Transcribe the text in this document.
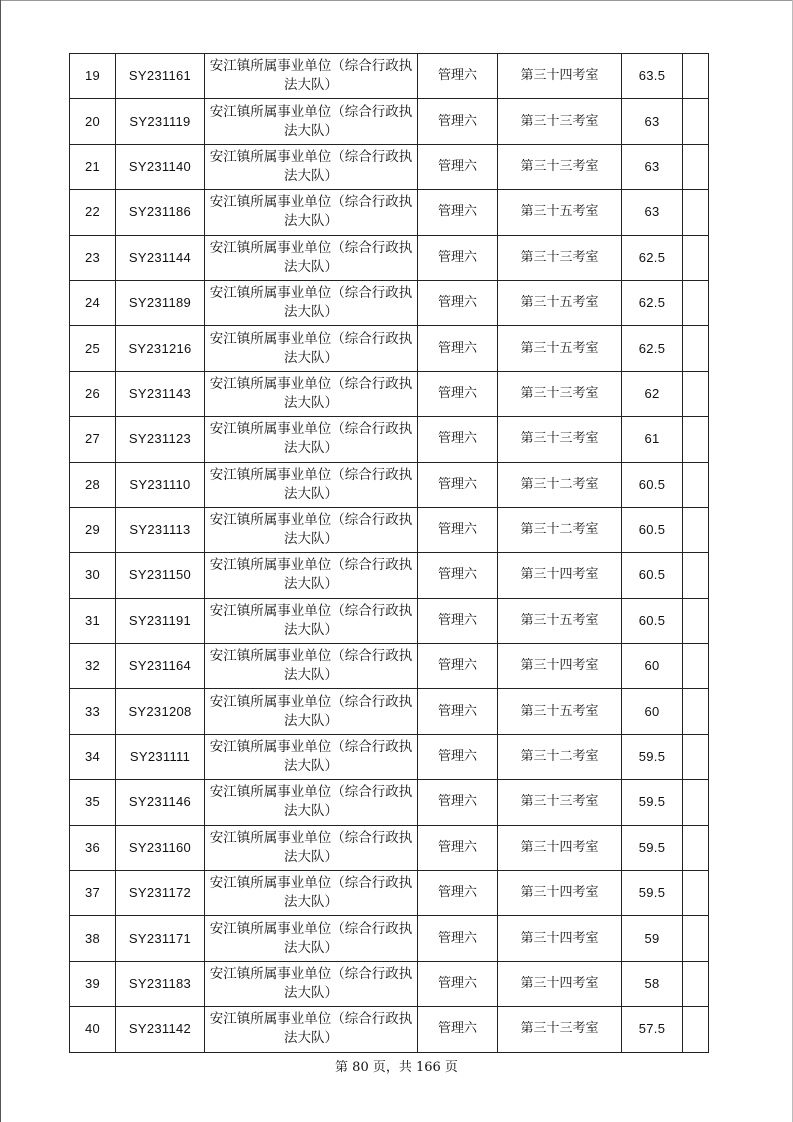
19	SY231161	安江镇所属事业单位（综合行政执法大队）	管理六	第三十四考室	63.5	
20	SY231119	安江镇所属事业单位（综合行政执法大队）	管理六	第三十三考室	63	
21	SY231140	安江镇所属事业单位（综合行政执法大队）	管理六	第三十三考室	63	
22	SY231186	安江镇所属事业单位（综合行政执法大队）	管理六	第三十五考室	63	
23	SY231144	安江镇所属事业单位（综合行政执法大队）	管理六	第三十三考室	62.5	
24	SY231189	安江镇所属事业单位（综合行政执法大队）	管理六	第三十五考室	62.5	
25	SY231216	安江镇所属事业单位（综合行政执法大队）	管理六	第三十五考室	62.5	
26	SY231143	安江镇所属事业单位（综合行政执法大队）	管理六	第三十三考室	62	
27	SY231123	安江镇所属事业单位（综合行政执法大队）	管理六	第三十三考室	61	
28	SY231110	安江镇所属事业单位（综合行政执法大队）	管理六	第三十二考室	60.5	
29	SY231113	安江镇所属事业单位（综合行政执法大队）	管理六	第三十二考室	60.5	
30	SY231150	安江镇所属事业单位（综合行政执法大队）	管理六	第三十四考室	60.5	
31	SY231191	安江镇所属事业单位（综合行政执法大队）	管理六	第三十五考室	60.5	
32	SY231164	安江镇所属事业单位（综合行政执法大队）	管理六	第三十四考室	60	
33	SY231208	安江镇所属事业单位（综合行政执法大队）	管理六	第三十五考室	60	
34	SY231111	安江镇所属事业单位（综合行政执法大队）	管理六	第三十二考室	59.5	
35	SY231146	安江镇所属事业单位（综合行政执法大队）	管理六	第三十三考室	59.5	
36	SY231160	安江镇所属事业单位（综合行政执法大队）	管理六	第三十四考室	59.5	
37	SY231172	安江镇所属事业单位（综合行政执法大队）	管理六	第三十四考室	59.5	
38	SY231171	安江镇所属事业单位（综合行政执法大队）	管理六	第三十四考室	59	
39	SY231183	安江镇所属事业单位（综合行政执法大队）	管理六	第三十四考室	58	
40	SY231142	安江镇所属事业单位（综合行政执法大队）	管理六	第三十三考室	57.5	
第 80 页，共 166 页
